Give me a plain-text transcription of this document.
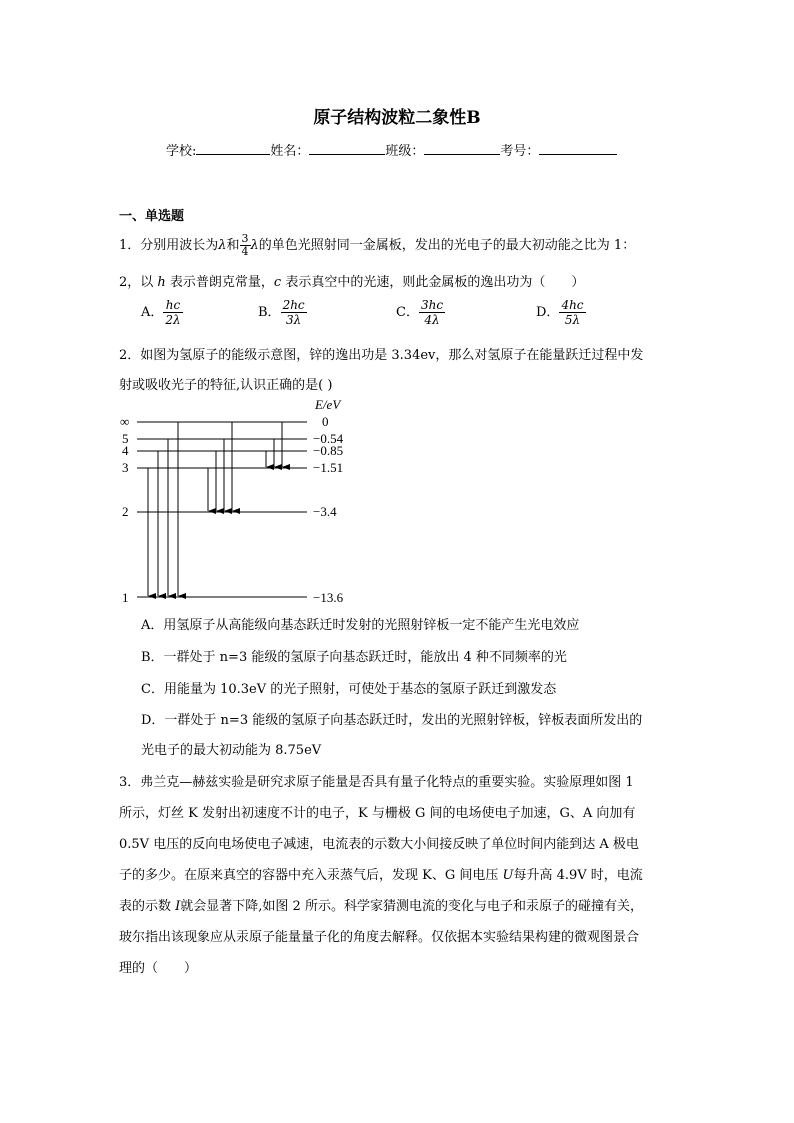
原子结构波粒二象性B
学校:	姓名：	班级：	考号：
一、单选题
1．分别用波长为λ和 $\frac{3}{4}$ λ的单色光照射同一金属板，发出的光电子的最大初动能之比为 1：
2，以 h 表示普朗克常量，c 表示真空中的光速，则此金属板的逸出功为（　　）
A． $\frac{hc}{2\lambda}$	B． $\frac{2hc}{3\lambda}$	C． $\frac{3hc}{4\lambda}$	D． $\frac{4hc}{5\lambda}$
2．如图为氢原子的能级示意图，锌的逸出功是 3.34ev，那么对氢原子在能量跃迁过程中发
射或吸收光子的特征,认识正确的是( )
E/eV
∞
5
4
3
2
1
0
−0.54
−0.85
−1.51
−3.4
−13.6
A．用氢原子从高能级向基态跃迁时发射的光照射锌板一定不能产生光电效应
B．一群处于 n=3 能级的氢原子向基态跃迁时，能放出 4 种不同频率的光
C．用能量为 10.3eV 的光子照射，可使处于基态的氢原子跃迁到激发态
D．一群处于 n=3 能级的氢原子向基态跃迁时，发出的光照射锌板，锌板表面所发出的
光电子的最大初动能为 8.75eV
3．弗兰克—赫兹实验是研究求原子能量是否具有量子化特点的重要实验。实验原理如图 1
所示，灯丝 K 发射出初速度不计的电子，K 与栅极 G 间的电场使电子加速，G、A 向加有
0.5V 电压的反向电场使电子减速，电流表的示数大小间接反映了单位时间内能到达 A 极电
子的多少。在原来真空的容器中充入汞蒸气后，发现 K、G 间电压 U每升高 4.9V 时，电流
表的示数 I就会显著下降,如图 2 所示。科学家猜测电流的变化与电子和汞原子的碰撞有关，
玻尔指出该现象应从汞原子能量量子化的角度去解释。仅依据本实验结果构建的微观图景合
理的（　　）
